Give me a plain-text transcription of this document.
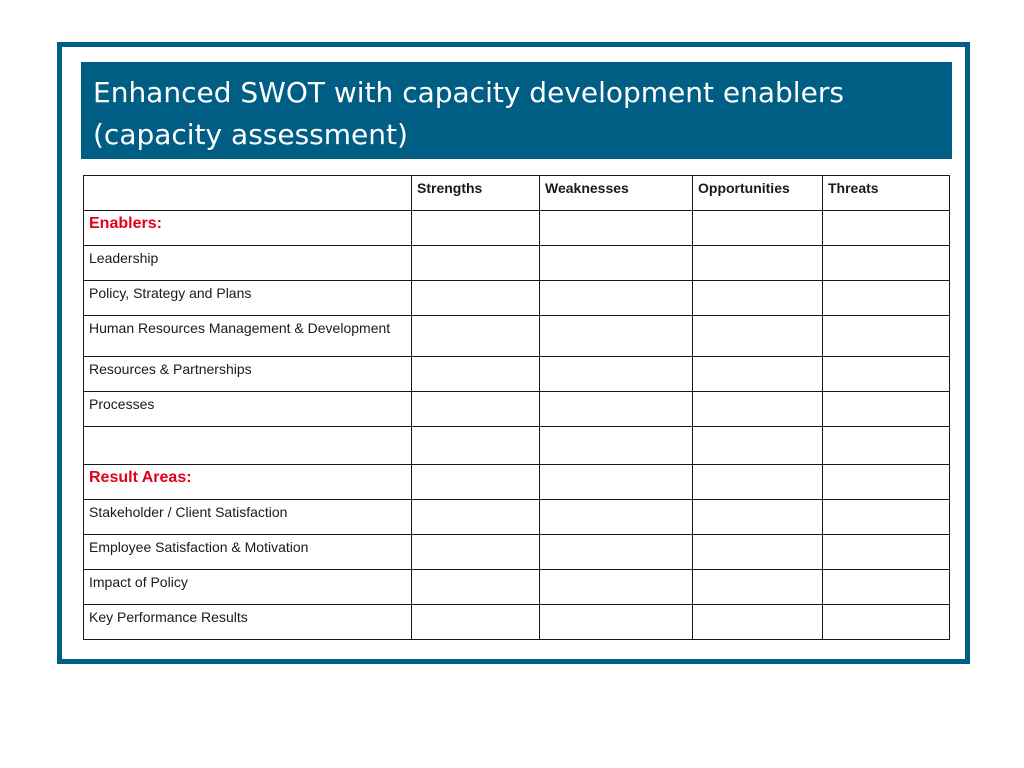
Enhanced SWOT with capacity development enablers
(capacity assessment)
	Strengths	Weaknesses	Opportunities	Threats
Enablers:				
Leadership				
Policy, Strategy and Plans				
Human Resources Management & Development				
Resources & Partnerships				
Processes				

Result Areas:				
Stakeholder / Client Satisfaction				
Employee Satisfaction & Motivation				
Impact of Policy				
Key Performance Results				
